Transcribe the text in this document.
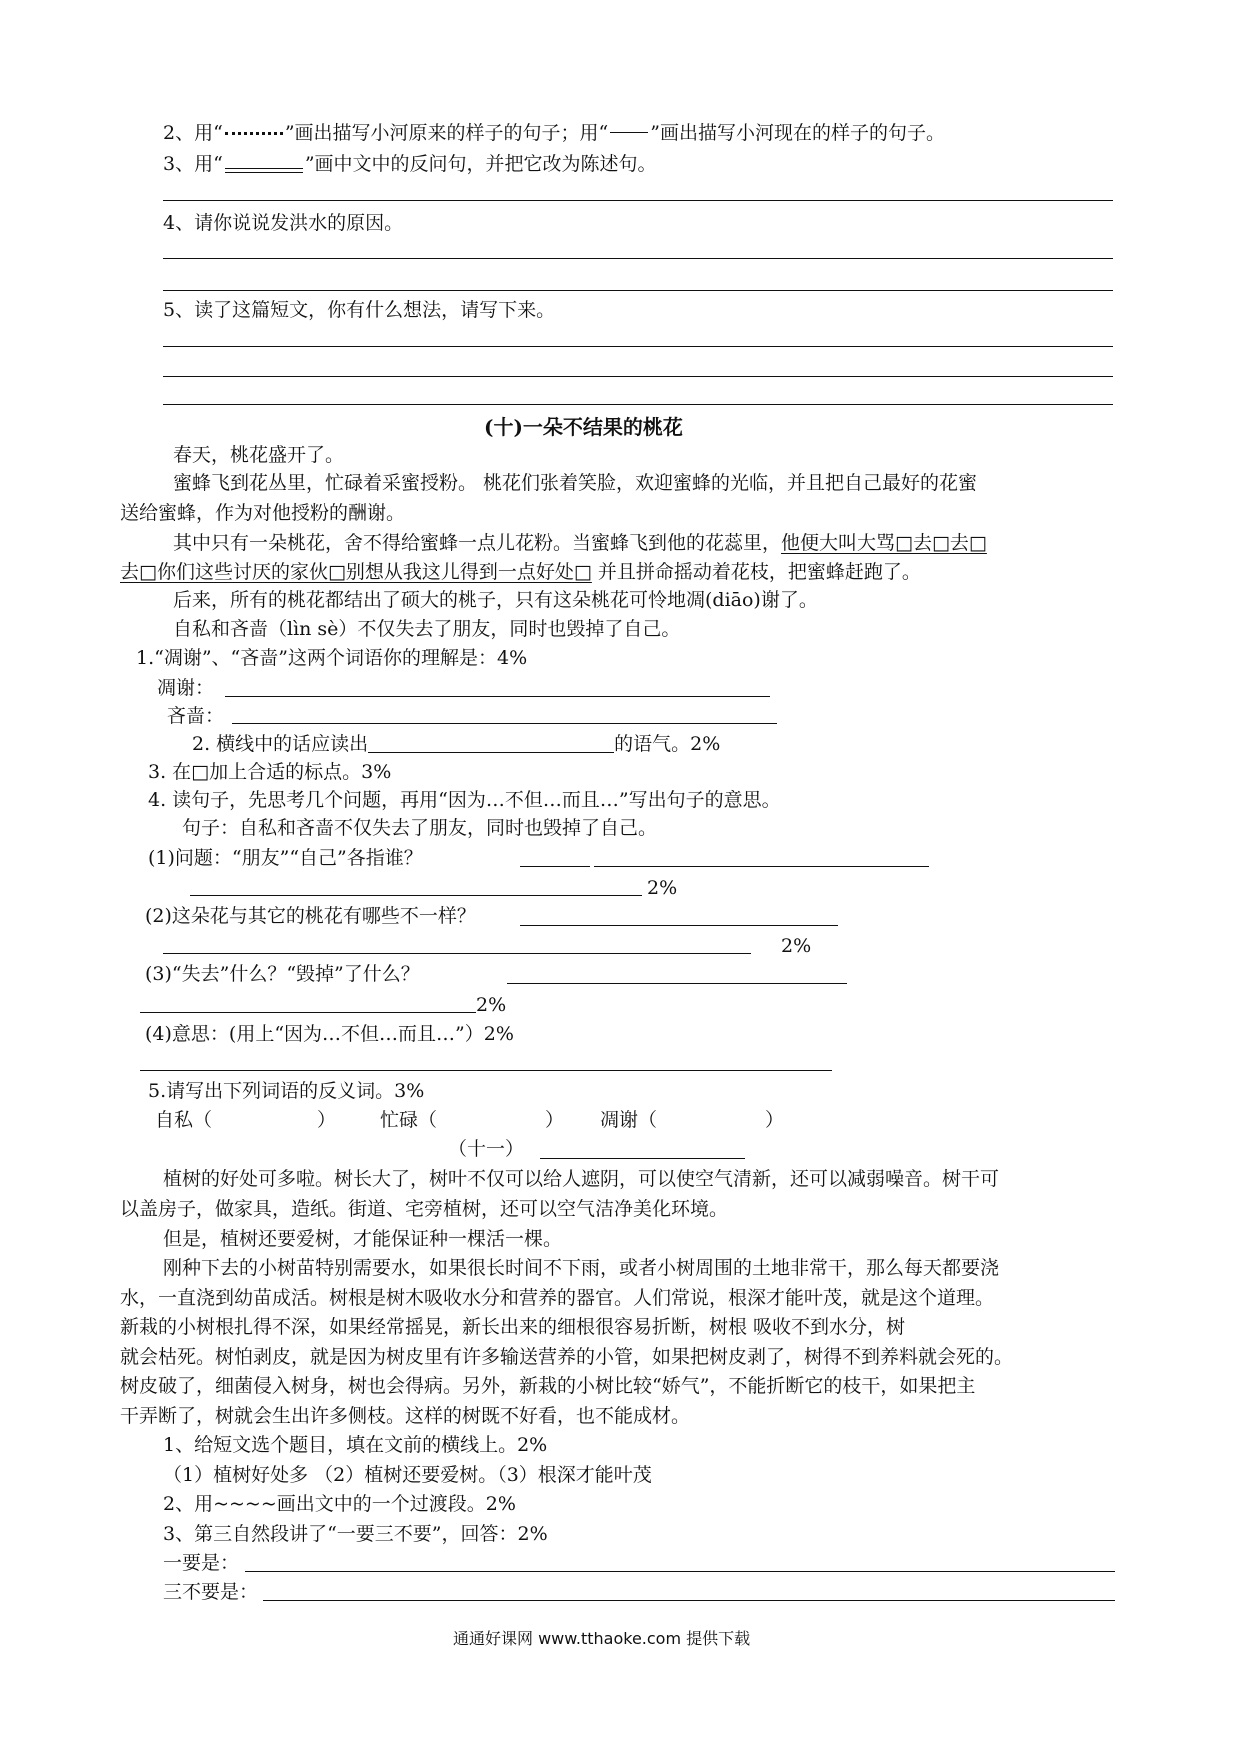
2、用“	”画出描写小河原来的样子的句子；用“ ”画出描写小河现在的样子的句子。
3、用“	”画中文中的反问句，并把它改为陈述句。
4、请你说说发洪水的原因。
5、读了这篇短文，你有什么想法，请写下来。
(十)一朵不结果的桃花
春天，桃花盛开了。
蜜蜂飞到花丛里，忙碌着采蜜授粉。 桃花们张着笑脸，欢迎蜜蜂的光临，并且把自己最好的花蜜
送给蜜蜂，作为对他授粉的酬谢。
其中只有一朵桃花，舍不得给蜜蜂一点儿花粉。当蜜蜂飞到他的花蕊里，他便大叫大骂□去□去□
去□你们这些讨厌的家伙□别想从我这儿得到一点好处□ 并且拼命摇动着花枝，把蜜蜂赶跑了。
后来，所有的桃花都结出了硕大的桃子，只有这朵桃花可怜地凋(diāo)谢了。
自私和吝啬（lìn sè）不仅失去了朋友，同时也毁掉了自己。
1.“凋谢”、“吝啬”这两个词语你的理解是：4%
凋谢：
吝啬：
2. 横线中的话应读出	的语气。2%
3. 在□加上合适的标点。3%
4. 读句子，先思考几个问题，再用“因为…不但…而且…”写出句子的意思。
句子：自私和吝啬不仅失去了朋友，同时也毁掉了自己。
(1)问题：“朋友”“自己”各指谁？
2%
(2)这朵花与其它的桃花有哪些不一样？
2%
(3)“失去”什么？“毁掉”了什么？
2%
(4)意思：(用上“因为…不但…而且…”）2%
5.请写出下列词语的反义词。3%
自私（	） 忙碌（	） 凋谢（	）
（十一）
植树的好处可多啦。树长大了，树叶不仅可以给人遮阴，可以使空气清新，还可以减弱噪音。树干可
以盖房子，做家具，造纸。街道、宅旁植树，还可以空气洁净美化环境。
但是，植树还要爱树，才能保证种一棵活一棵。
刚种下去的小树苗特别需要水，如果很长时间不下雨，或者小树周围的土地非常干，那么每天都要浇
水，一直浇到幼苗成活。树根是树木吸收水分和营养的器官。人们常说，根深才能叶茂，就是这个道理。
新栽的小树根扎得不深，如果经常摇晃，新长出来的细根很容易折断，树根 吸收不到水分，树
就会枯死。树怕剥皮，就是因为树皮里有许多输送营养的小管，如果把树皮剥了，树得不到养料就会死的。
树皮破了，细菌侵入树身，树也会得病。另外，新栽的小树比较“娇气”，不能折断它的枝干，如果把主
干弄断了，树就会生出许多侧枝。这样的树既不好看，也不能成材。
1、给短文选个题目，填在文前的横线上。2%
（1）植树好处多 （2）植树还要爱树。（3）根深才能叶茂
2、用~~~~画出文中的一个过渡段。2%
3、第三自然段讲了“一要三不要”，回答：2%
一要是：
三不要是：
通通好课网 www.tthaoke.com 提供下载
